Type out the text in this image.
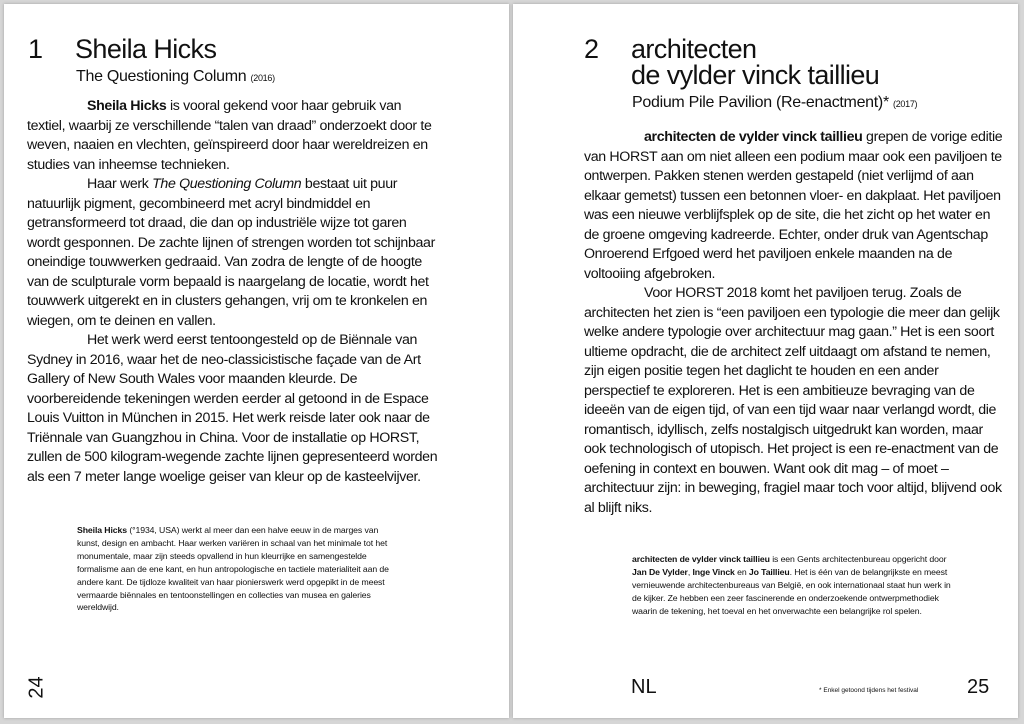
1 Sheila Hicks
The Questioning Column (2016)

Sheila Hicks is vooral gekend voor haar gebruik van textiel, waarbij ze verschillende “talen van draad” onderzoekt door te weven, naaien en vlechten, geïnspireerd door haar wereldreizen en studies van inheemse technieken.

Haar werk The Questioning Column bestaat uit puur natuurlijk pigment, gecombineerd met acryl bindmiddel en getransformeerd tot draad, die dan op industriële wijze tot garen wordt gesponnen. De zachte lijnen of strengen worden tot schijnbaar oneindige touwwerken gedraaid. Van zodra de lengte of de hoogte van de sculpturale vorm bepaald is naargelang de locatie, wordt het touwwerk uitgerekt en in clusters gehangen, vrij om te kronkelen en wiegen, om te deinen en vallen.

Het werk werd eerst tentoongesteld op de Biënnale van Sydney in 2016, waar het de neo-classicistische façade van de Art Gallery of New South Wales voor maanden kleurde. De voorbereidende tekeningen werden eerder al getoond in de Espace Louis Vuitton in München in 2015. Het werk reisde later ook naar de Triënnale van Guangzhou in China. Voor de installatie op HORST, zullen de 500 kilogram-wegende zachte lijnen gepresenteerd worden als een 7 meter lange woelige geiser van kleur op de kasteelvijver.

Sheila Hicks (°1934, USA) werkt al meer dan een halve eeuw in de marges van kunst, design en ambacht. Haar werken variëren in schaal van het minimale tot het monumentale, maar zijn steeds opvallend in hun kleurrijke en samengestelde formalisme aan de ene kant, en hun antropologische en tactiele materialiteit aan de andere kant. De tijdloze kwaliteit van haar pionierswerk werd opgepikt in de meest vermaarde biënnales en tentoonstellingen en collecties van musea en galeries wereldwijd.
24
2 architecten
de vylder vinck taillieu
Podium Pile Pavilion (Re-enactment)* (2017)

architecten de vylder vinck taillieu grepen de vorige editie van HORST aan om niet alleen een podium maar ook een paviljoen te ontwerpen. Pakken stenen werden gestapeld (niet verlijmd of aan elkaar gemetst) tussen een betonnen vloer- en dakplaat. Het paviljoen was een nieuwe verblijfsplek op de site, die het zicht op het water en de groene omgeving kadreerde. Echter, onder druk van Agentschap Onroerend Erfgoed werd het paviljoen enkele maanden na de voltooiing afgebroken.

Voor HORST 2018 komt het paviljoen terug. Zoals de architecten het zien is “een paviljoen een typologie die meer dan gelijk welke andere typologie over architectuur mag gaan.” Het is een soort ultieme opdracht, die de architect zelf uitdaagt om afstand te nemen, zijn eigen positie tegen het daglicht te houden en een ander perspectief te exploreren. Het is een ambitieuze bevraging van de ideeën van de eigen tijd, of van een tijd waar naar verlangd wordt, die romantisch, idyllisch, zelfs nostalgisch uitgedrukt kan worden, maar ook technologisch of utopisch. Het project is een re-enactment van de oefening in context en bouwen. Want ook dit mag – of moet – architectuur zijn: in beweging, fragiel maar toch voor altijd, blijvend ook al blijft niks.

architecten de vylder vinck taillieu is een Gents architectenbureau opgericht door Jan De Vylder, Inge Vinck en Jo Taillieu. Het is één van de belangrijkste en meest vernieuwende architectenbureaus van België, en ook internationaal staat hun werk in de kijker. Ze hebben een zeer fascinerende en onderzoekende ontwerpmethodiek waarin de tekening, het toeval en het onverwachte een belangrijke rol spelen.
NL	* Enkel getoond tijdens het festival 25
